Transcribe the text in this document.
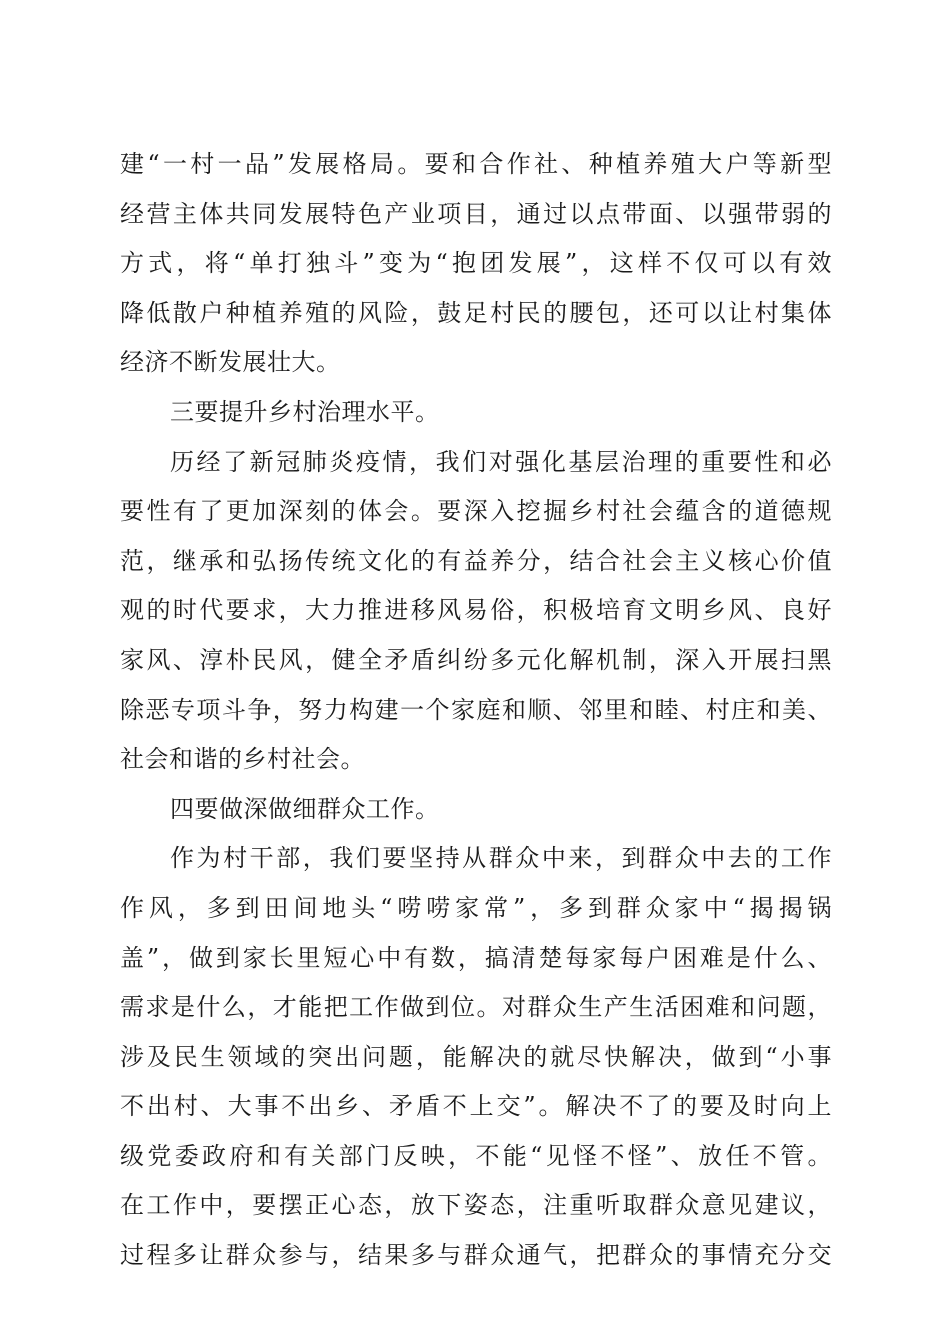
建“一村一品”发展格局。要和合作社、种植养殖大户等新型
经营主体共同发展特色产业项目，通过以点带面、以强带弱的
方式，将“单打独斗”变为“抱团发展”，这样不仅可以有效
降低散户种植养殖的风险，鼓足村民的腰包，还可以让村集体
经济不断发展壮大。
三要提升乡村治理水平。
历经了新冠肺炎疫情，我们对强化基层治理的重要性和必
要性有了更加深刻的体会。要深入挖掘乡村社会蕴含的道德规
范，继承和弘扬传统文化的有益养分，结合社会主义核心价值
观的时代要求，大力推进移风易俗，积极培育文明乡风、良好
家风、淳朴民风，健全矛盾纠纷多元化解机制，深入开展扫黑
除恶专项斗争，努力构建一个家庭和顺、邻里和睦、村庄和美、
社会和谐的乡村社会。
四要做深做细群众工作。
作为村干部，我们要坚持从群众中来，到群众中去的工作
作风，多到田间地头“唠唠家常”，多到群众家中“揭揭锅
盖”，做到家长里短心中有数，搞清楚每家每户困难是什么、
需求是什么，才能把工作做到位。对群众生产生活困难和问题，
涉及民生领域的突出问题，能解决的就尽快解决，做到“小事
不出村、大事不出乡、矛盾不上交”。解决不了的要及时向上
级党委政府和有关部门反映，不能“见怪不怪”、放任不管。
在工作中，要摆正心态，放下姿态，注重听取群众意见建议，
过程多让群众参与，结果多与群众通气，把群众的事情充分交
